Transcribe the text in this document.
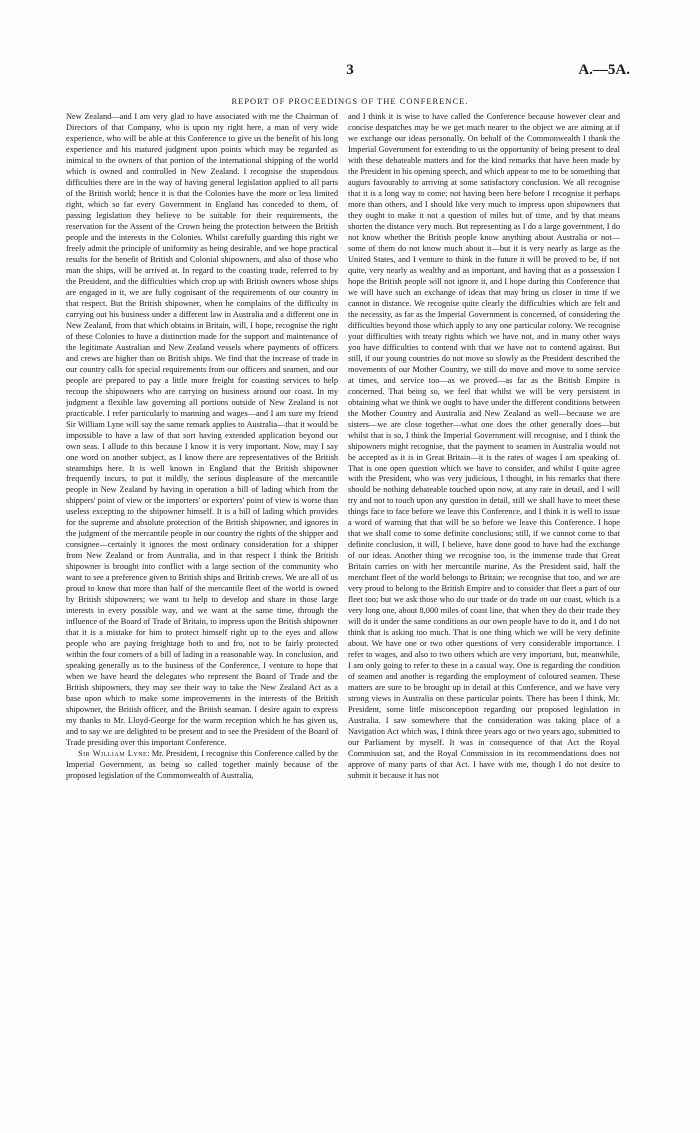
3	A.—5A.
REPORT OF PROCEEDINGS OF THE CONFERENCE.

New Zealand—and I am very glad to have associated with me the Chairman of Directors of that Company, who is upon my right here, a man of very wide experience, who will be able at this Conference to give us the benefit of his long experience and his matured judgment upon points which may be regarded as inimical to the owners of that portion of the international shipping of the world which is owned and controlled in New Zealand. I recognise the stupendous difficulties there are in the way of having general legislation applied to all parts of the British world; hence it is that the Colonies have the more or less limited right, which so far every Government in England has conceded to them, of passing legislation they believe to be suitable for their requirements, the reservation for the Assent of the Crown being the protection between the British people and the interests in the Colonies. Whilst carefully guarding this right we freely admit the principle of uniformity as being desirable, and we hope practical results for the benefit of British and Colonial shipowners, and also of those who man the ships, will be arrived at. In regard to the coasting trade, referred to by the President, and the difficulties which crop up with British owners whose ships are engaged in it, we are fully cognisant of the requirements of our country in that respect. But the British shipowner, when he complains of the difficulty in carrying out his business under a different law in Australia and a different one in New Zealand, from that which obtains in Britain, will, I hope, recognise the right of these Colonies to have a distinction made for the support and maintenance of the legitimate Australian and New Zealand vessels where payments of officers and crews are higher than on British ships. We find that the increase of trade in our country calls for special requirements from our officers and seamen, and our people are prepared to pay a little more freight for coasting services to help recoup the shipowners who are carrying on business around our coast. In my judgment a flexible law governing all portions outside of New Zealand is not practicable. I refer particularly to manning and wages—and I am sure my friend Sir William Lyne will say the same remark applies to Australia—that it would be impossible to have a law of that sort having extended application beyond our own seas. I allude to this because I know it is very important. Now, may I say one word on another subject, as I know there are representatives of the British steamships here. It is well known in England that the British shipowner frequently incurs, to put it mildly, the serious displeasure of the mercantile people in New Zealand by having in operation a bill of lading which from the shippers' point of view or the importers' or exporters' point of view is worse than useless excepting to the shipowner himself. It is a bill of lading which provides for the supreme and absolute protection of the British shipowner, and ignores in the judgment of the mercantile people in our country the rights of the shipper and consignee—certainly it ignores the most ordinary consideration for a shipper from New Zealand or from Australia, and in that respect I think the British shipowner is brought into conflict with a large section of the community who want to see a preference given to British ships and British crews. We are all of us proud to know that more than half of the mercantile fleet of the world is owned by British shipowners; we want to help to develop and share in those large interests in every possible way, and we want at the same time, through the influence of the Board of Trade of Britain, to impress upon the British shipowner that it is a mistake for him to protect himself right up to the eyes and allow people who are paying freightage both to and fro, not to be fairly protected within the four corners of a bill of lading in a reasonable way. In conclusion, and speaking generally as to the business of the Conference, I venture to hope that when we have heard the delegates who represent the Board of Trade and the British shipowners, they may see their way to take the New Zealand Act as a base upon which to make some improvements in the interests of the British shipowner, the British officer, and the British seaman. I desire again to express my thanks to Mr. Lloyd-George for the warm reception which he has given us, and to say we are delighted to be present and to see the President of the Board of Trade presiding over this important Conference.

Sir William Lyne: Mr. President, I recognise this Conference called by the Imperial Government, as being so called together mainly because of the proposed legislation of the Commonwealth of Australia,

and I think it is wise to have called the Conference because however clear and concise despatches may be we get much nearer to the object we are aiming at if we exchange our ideas personally. On behalf of the Commonwealth I thank the Imperial Government for extending to us the opportunity of being present to deal with these debateable matters and for the kind remarks that have been made by the President in his opening speech, and which appear to me to be something that augurs favourably to arriving at some satisfactory conclusion. We all recognise that it is a long way to come; not having been here before I recognise it perhaps more than others, and I should like very much to impress upon shipowners that they ought to make it not a question of miles but of time, and by that means shorten the distance very much. But representing as I do a large government, I do not know whether the British people know anything about Australia or not—some of them do not know much about it—but it is very nearly as large as the United States, and I venture to think in the future it will be proved to be, if not quite, very nearly as wealthy and as important, and having that as a possession I hope the British people will not ignore it, and I hope during this Conference that we will have such an exchange of ideas that may bring us closer in time if we cannot in distance. We recognise quite clearly the difficulties which are felt and the necessity, as far as the Imperial Government is concerned, of considering the difficulties beyond those which apply to any one particular colony. We recognise your difficulties with treaty rights which we have not, and in many other ways you have difficulties to contend with that we have not to contend against. But still, if our young countries do not move so slowly as the President described the movements of our Mother Country, we still do move and move to some service at times, and service too—as we proved—as far as the British Empire is concerned. That being so, we feel that whilst we will be very persistent in obtaining what we think we ought to have under the different conditions between the Mother Country and Australia and New Zealand as well—because we are sisters—we are close together—what one does the other generally does—but whilst that is so, I think the Imperial Government will recognise, and I think the shipowners might recognise, that the payment to seamen in Australia would not be accepted as it is in Great Britain—it is the rates of wages I am speaking of. That is one open question which we have to consider, and whilst I quite agree with the President, who was very judicious, I thought, in his remarks that there should be nothing debateable touched upon now, at any rate in detail, and I will try and not to touch upon any question in detail, still we shall have to meet these things face to face before we leave this Conference, and I think it is well to issue a word of warning that that will be so before we leave this Conference. I hope that we shall come to some definite conclusions; still, if we cannot come to that definite conclusion, it will, I believe, have done good to have had the exchange of our ideas. Another thing we recognise too, is the immense trade that Great Britain carries on with her mercantile marine. As the President said, half the merchant fleet of the world belongs to Britain; we recognise that too, and we are very proud to belong to the British Empire and to consider that fleet a part of our fleet too; but we ask those who do our trade or do trade on our coast, which is a very long one, about 8,000 miles of coast line, that when they do their trade they will do it under the same conditions as our own people have to do it, and I do not think that is asking too much. That is one thing which we will be very definite about. We have one or two other questions of very considerable importance. I refer to wages, and also to two others which are very important, but, meanwhile, I am only going to refer to these in a casual way. One is regarding the condition of seamen and another is regarding the employment of coloured seamen. These matters are sure to be brought up in detail at this Conference, and we have very strong views in Australia on these particular points. There has been I think, Mr. President, some little misconception regarding our proposed legislation in Australia. I saw somewhere that the consideration was taking place of a Navigation Act which was, I think three years ago or two years ago, submitted to our Parliament by myself. It was in consequence of that Act the Royal Commission sat, and the Royal Commission in its recommendations does not approve of many parts of that Act. I have with me, though I do not desire to submit it because it has not
